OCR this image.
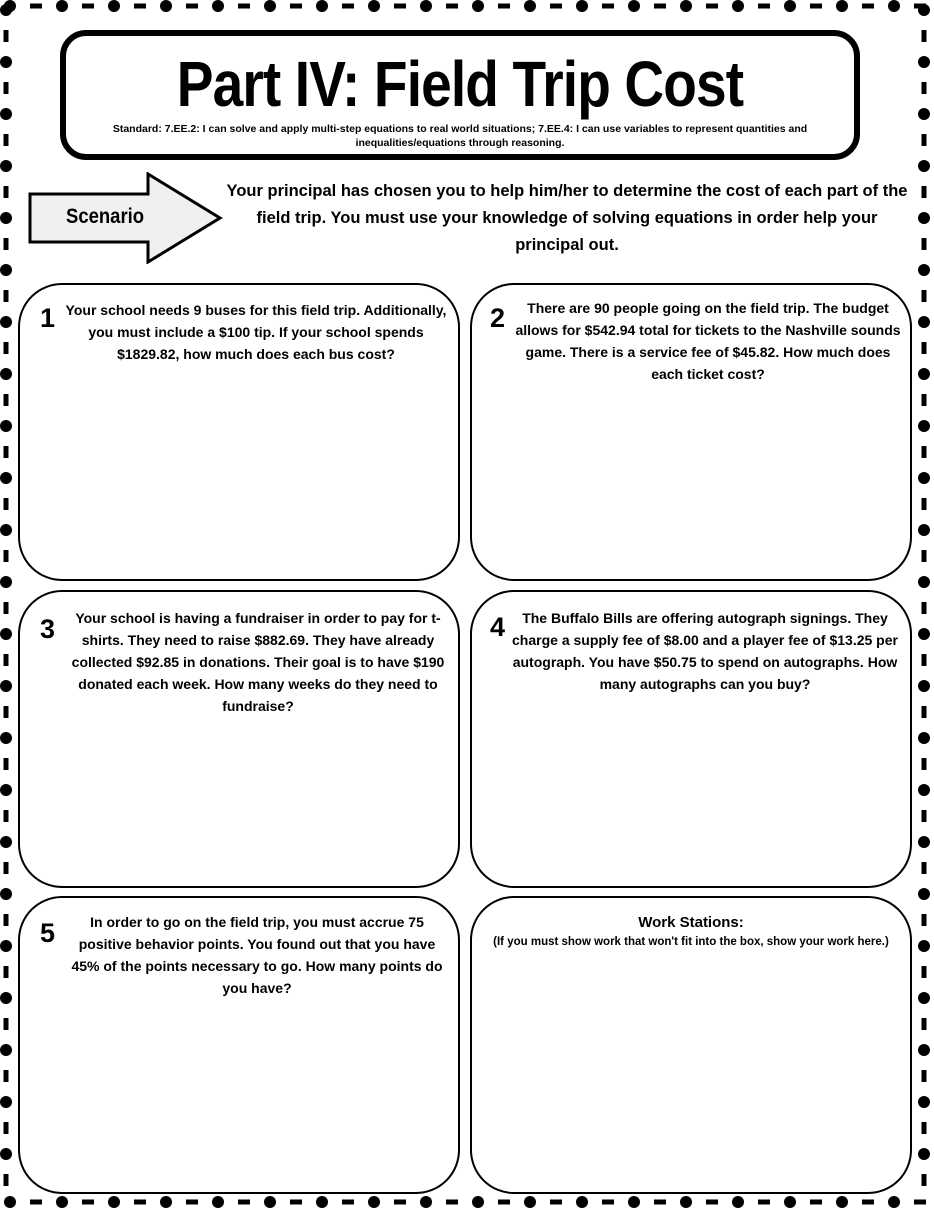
Part IV: Field Trip Cost
Standard: 7.EE.2: I can solve and apply multi-step equations to real world situations; 7.EE.4: I can use variables to represent quantities and inequalities/equations through reasoning.
Scenario
Your principal has chosen you to help him/her to determine the cost of each part of the field trip. You must use your knowledge of solving equations in order help your principal out.
1 Your school needs 9 buses for this field trip. Additionally, you must include a $100 tip. If your school spends $1829.82, how much does each bus cost?
2	There are 90 people going on the field trip. The budget allows for $542.94 total for tickets to the Nashville sounds game. There is a service fee of $45.82. How much does each ticket cost?
3	Your school is having a fundraiser in order to pay for t-shirts. They need to raise $882.69. They have already collected $92.85 in donations. Their goal is to have $190 donated each week. How many weeks do they need to fundraise?
4	The Buffalo Bills are offering autograph signings. They charge a supply fee of $8.00 and a player fee of $13.25 per autograph. You have $50.75 to spend on autographs. How many autographs can you buy?
5	In order to go on the field trip, you must accrue 75 positive behavior points. You found out that you have 45% of the points necessary to go. How many points do you have?
Work Stations:
(If you must show work that won't fit into the box, show your work here.)
